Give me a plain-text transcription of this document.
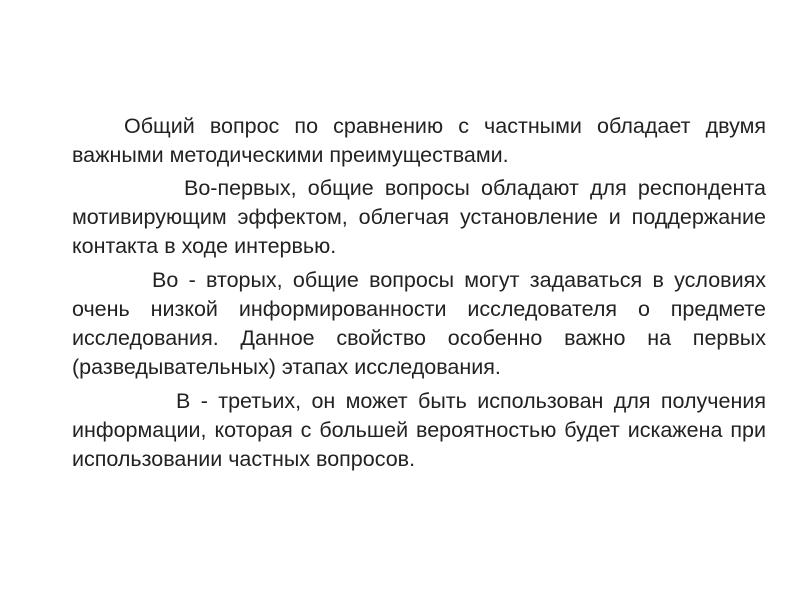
Общий вопрос по сравнению с частными обладает двумя важными методическими преимуществами.

Во-первых, общие вопросы обладают для респондента мотивирующим эффектом, облегчая установление и поддержание контакта в ходе интервью.

Во - вторых, общие вопросы могут задаваться в условиях очень низкой информированности исследователя о предмете исследования. Данное свойство особенно важно на первых (разведывательных) этапах исследования.

В - третьих, он может быть использован для получения информации, которая с большей вероятностью будет искажена при использовании частных вопросов.
